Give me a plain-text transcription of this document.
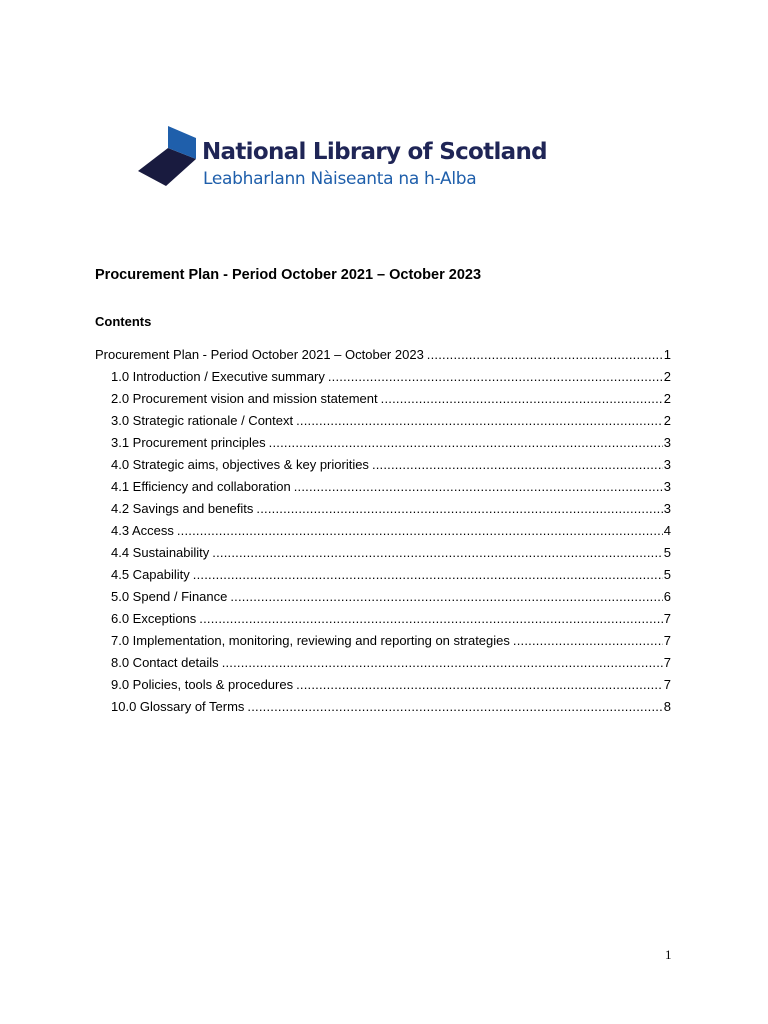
National Library of Scotland
Leabharlann Nàiseanta na h-Alba
Procurement Plan - Period October 2021 – October 2023
Contents
Procurement Plan - Period October 2021 – October 2023 .....	1
1.0 Introduction / Executive summary .....	2
2.0 Procurement vision and mission statement .....	2
3.0 Strategic rationale / Context .....	2
3.1 Procurement principles .....	3
4.0 Strategic aims, objectives & key priorities .....	3
4.1 Efficiency and collaboration .....	3
4.2 Savings and benefits .....	3
4.3 Access .....	4
4.4 Sustainability .....	5
4.5 Capability .....	5
5.0 Spend / Finance .....	6
6.0 Exceptions .....	7
7.0 Implementation, monitoring, reviewing and reporting on strategies .....	7
8.0 Contact details .....	7
9.0 Policies, tools & procedures .....	7
10.0 Glossary of Terms .....	8
1
